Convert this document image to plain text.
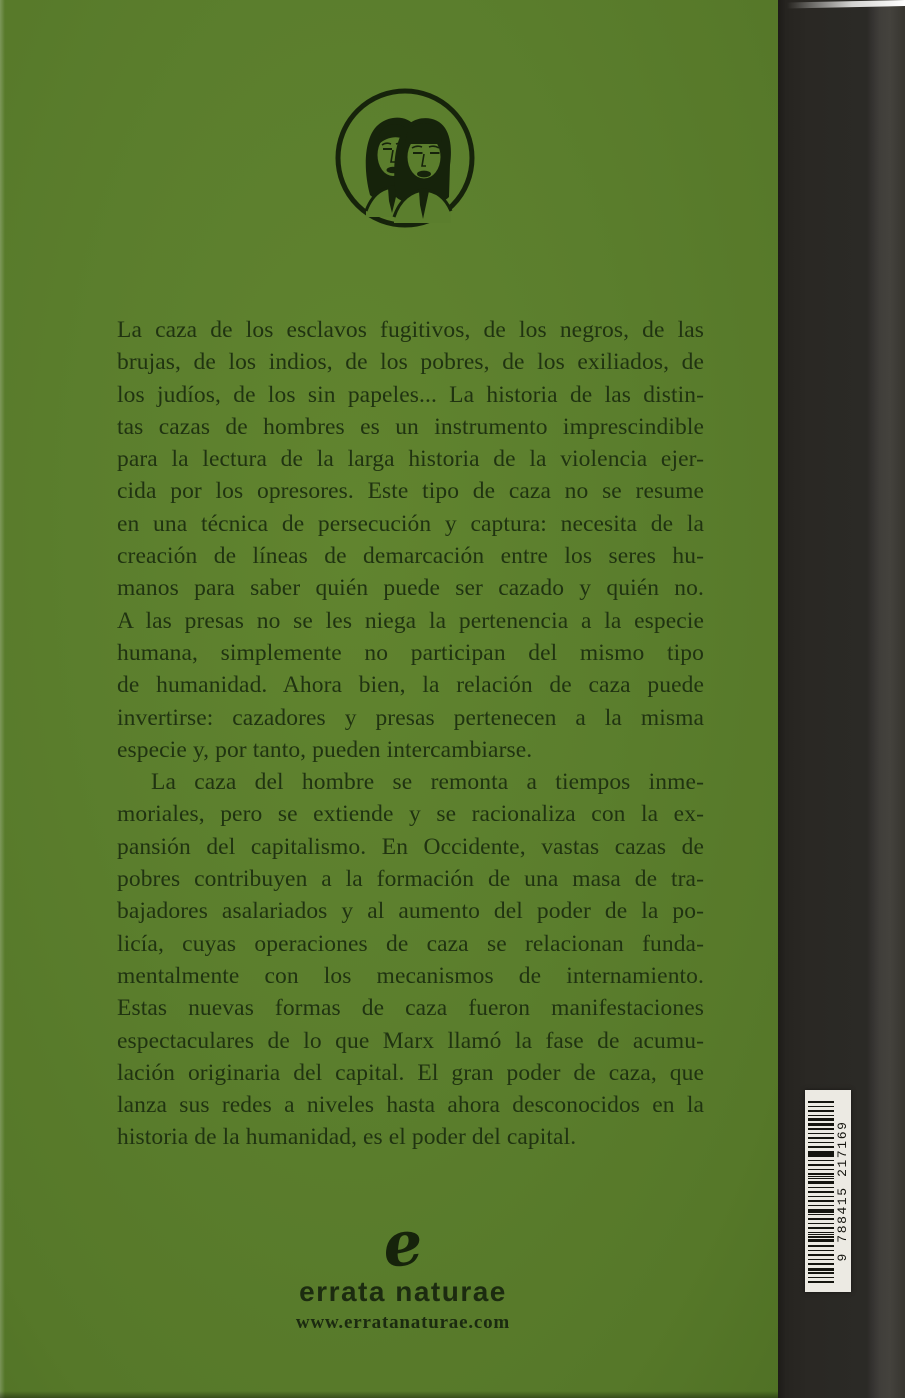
La caza de los esclavos fugitivos, de los negros, de las
brujas, de los indios, de los pobres, de los exiliados, de
los judíos, de los sin papeles... La historia de las distin-
tas cazas de hombres es un instrumento imprescindible
para la lectura de la larga historia de la violencia ejer-
cida por los opresores. Este tipo de caza no se resume
en una técnica de persecución y captura: necesita de la
creación de líneas de demarcación entre los seres hu-
manos para saber quién puede ser cazado y quién no.
A las presas no se les niega la pertenencia a la especie
humana, simplemente no participan del mismo tipo
de humanidad. Ahora bien, la relación de caza puede
invertirse: cazadores y presas pertenecen a la misma
especie y, por tanto, pueden intercambiarse.
La caza del hombre se remonta a tiempos inme-
moriales, pero se extiende y se racionaliza con la ex-
pansión del capitalismo. En Occidente, vastas cazas de
pobres contribuyen a la formación de una masa de tra-
bajadores asalariados y al aumento del poder de la po-
licía, cuyas operaciones de caza se relacionan funda-
mentalmente con los mecanismos de internamiento.
Estas nuevas formas de caza fueron manifestaciones
espectaculares de lo que Marx llamó la fase de acumu-
lación originaria del capital. El gran poder de caza, que
lanza sus redes a niveles hasta ahora desconocidos en la
historia de la humanidad, es el poder del capital.
e
errata naturae
www.erratanaturae.com
9 788415 217169
